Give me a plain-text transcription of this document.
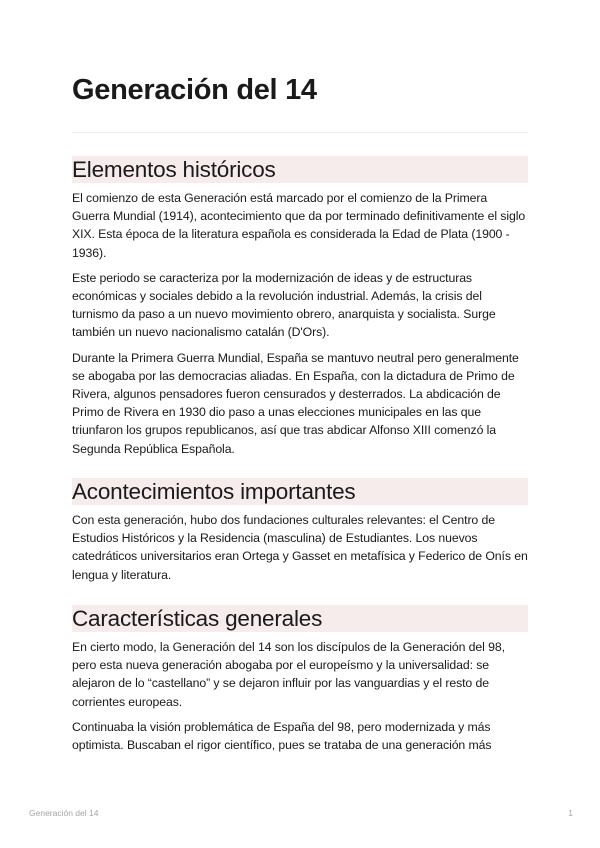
Generación del 14
Elementos históricos

El comienzo de esta Generación está marcado por el comienzo de la Primera Guerra Mundial (1914), acontecimiento que da por terminado definitivamente el siglo XIX. Esta época de la literatura española es considerada la Edad de Plata (1900 - 1936).

Este periodo se caracteriza por la modernización de ideas y de estructuras económicas y sociales debido a la revolución industrial. Además, la crisis del turnismo da paso a un nuevo movimiento obrero, anarquista y socialista. Surge también un nuevo nacionalismo catalán (D'Ors).

Durante la Primera Guerra Mundial, España se mantuvo neutral pero generalmente se abogaba por las democracias aliadas. En España, con la dictadura de Primo de Rivera, algunos pensadores fueron censurados y desterrados. La abdicación de Primo de Rivera en 1930 dio paso a unas elecciones municipales en las que triunfaron los grupos republicanos, así que tras abdicar Alfonso XIII comenzó la Segunda República Española.

Acontecimientos importantes

Con esta generación, hubo dos fundaciones culturales relevantes: el Centro de Estudios Históricos y la Residencia (masculina) de Estudiantes. Los nuevos catedráticos universitarios eran Ortega y Gasset en metafísica y Federico de Onís en lengua y literatura.

Características generales

En cierto modo, la Generación del 14 son los discípulos de la Generación del 98, pero esta nueva generación abogaba por el europeísmo y la universalidad: se alejaron de lo “castellano” y se dejaron influir por las vanguardias y el resto de corrientes europeas.

Continuaba la visión problemática de España del 98, pero modernizada y más optimista. Buscaban el rigor científico, pues se trataba de una generación más

Generación del 14	1
